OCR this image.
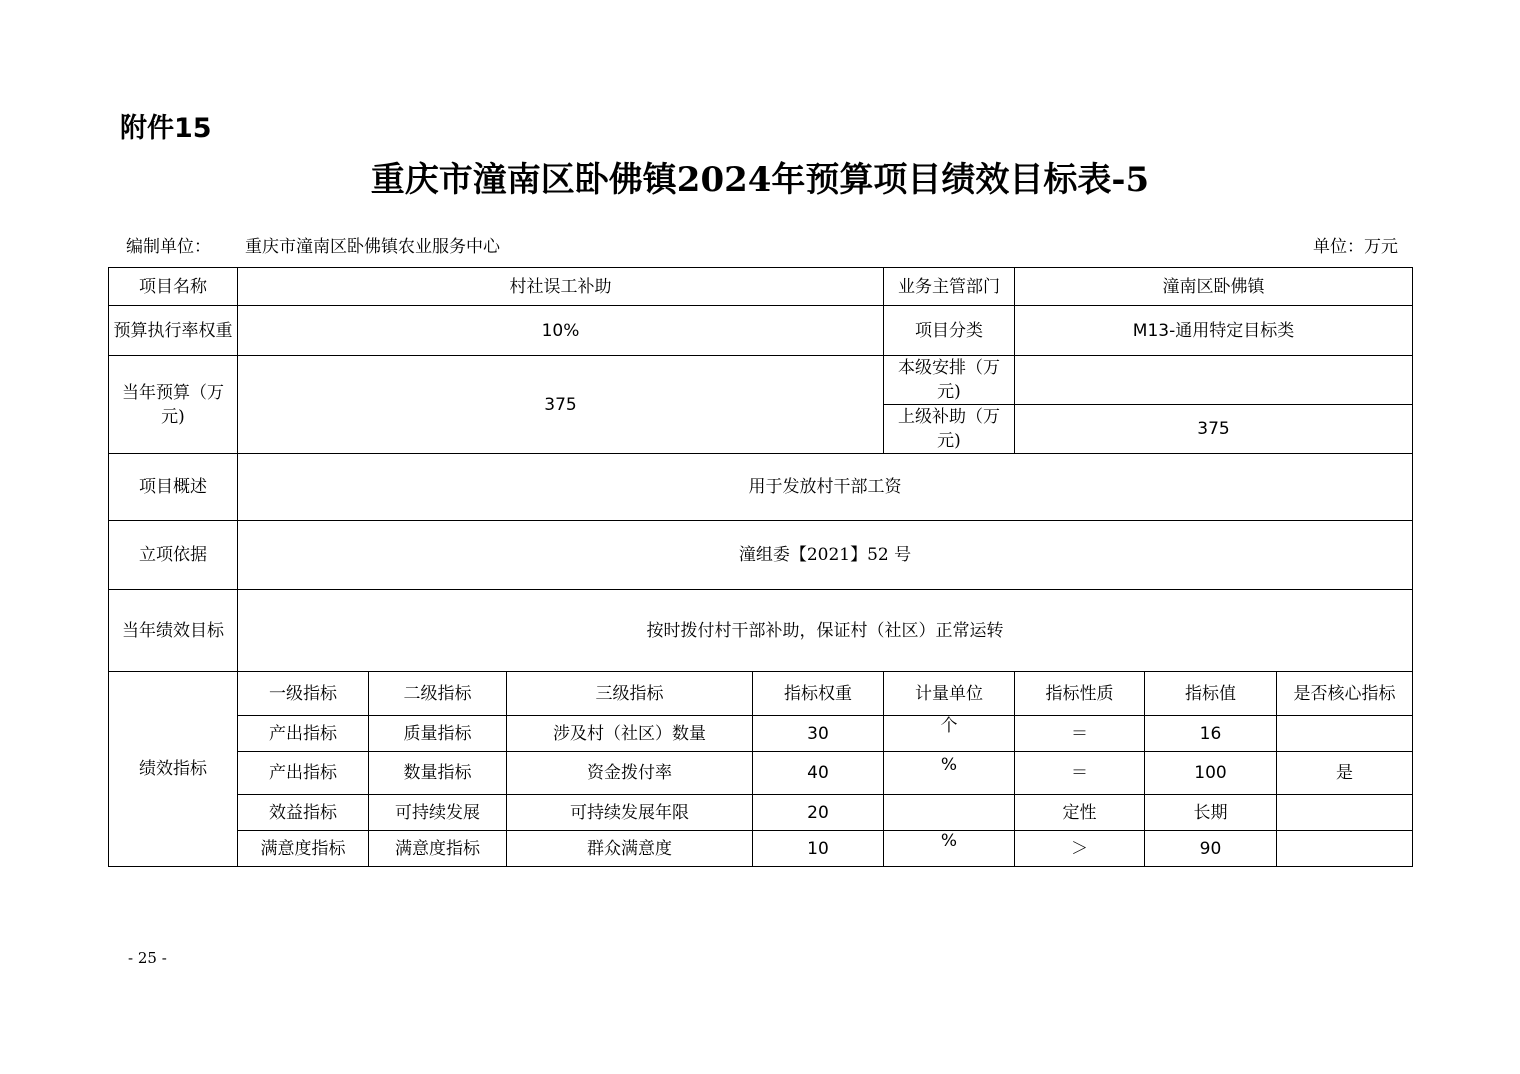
附件15
重庆市潼南区卧佛镇2024年预算项目绩效目标表-5
编制单位： 重庆市潼南区卧佛镇农业服务中心	单位：万元
项目名称	村社误工补助				业务主管部门	潼南区卧佛镇		
预算执行率权重	10%				项目分类	M13-通用特定目标类		
当年预算（万元)	375				本级安排（万元)			
					上级补助（万元)	375		
项目概述	用于发放村干部工资							
立项依据	潼组委【2021】52 号							
当年绩效目标	按时拨付村干部补助，保证村（社区）正常运转							
绩效指标	一级指标	二级指标	三级指标	指标权重	计量单位	指标性质	指标值	是否核心指标
	产出指标	质量指标	涉及村（社区）数量	30	个	＝	16	
	产出指标	数量指标	资金拨付率	40	%	＝	100	是
	效益指标	可持续发展	可持续发展年限	20		定性	长期	
	满意度指标	满意度指标	群众满意度	10	%	＞	90	
- 25 -
